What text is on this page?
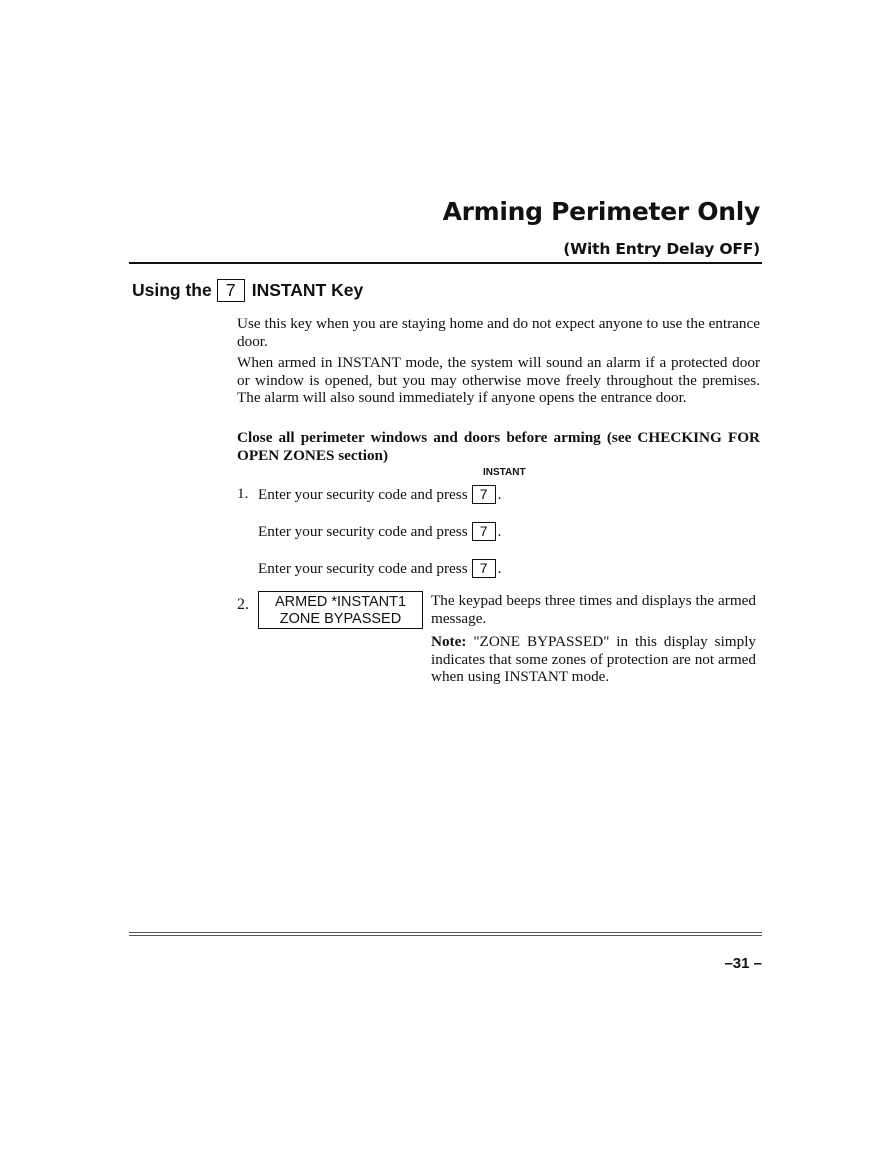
Arming Perimeter Only
(With Entry Delay OFF)
Using the 7 INSTANT Key

Use this key when you are staying home and do not expect anyone to use the entrance door.

When armed in INSTANT mode, the system will sound an alarm if a protected door or window is opened, but you may otherwise move freely throughout the premises. The alarm will also sound immediately if anyone opens the entrance door.

Close all perimeter windows and doors before arming (see CHECKING FOR OPEN ZONES section)

INSTANT
1. Enter your security code and press 7 .
Enter your security code and press 7 .
Enter your security code and press 7 .
2.	ARMED *INSTANT1
ZONE BYPASSED

The keypad beeps three times and displays the armed message.

Note: "ZONE BYPASSED" in this display simply indicates that some zones of protection are not armed when using INSTANT mode.

–31 –
